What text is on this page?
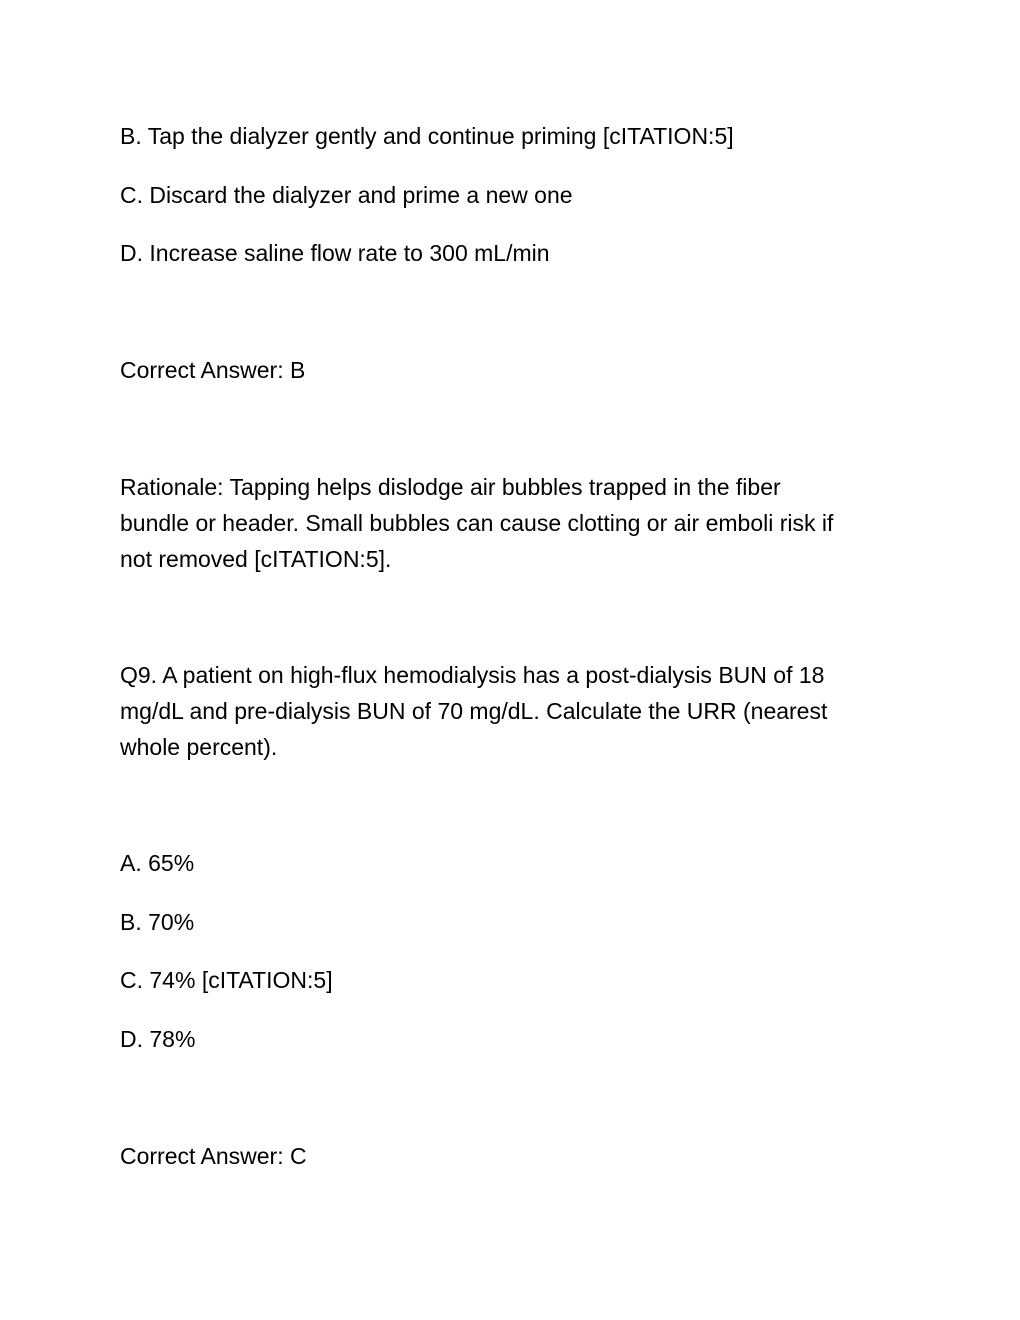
B. Tap the dialyzer gently and continue priming [cITATION:5]

C. Discard the dialyzer and prime a new one

D. Increase saline flow rate to 300 mL/min

Correct Answer: B

Rationale: Tapping helps dislodge air bubbles trapped in the fiber
bundle or header. Small bubbles can cause clotting or air emboli risk if
not removed [cITATION:5].
Q9. A patient on high-flux hemodialysis has a post-dialysis BUN of 18
mg/dL and pre-dialysis BUN of 70 mg/dL. Calculate the URR (nearest
whole percent).

A. 65%

B. 70%

C. 74% [cITATION:5]

D. 78%

Correct Answer: C
